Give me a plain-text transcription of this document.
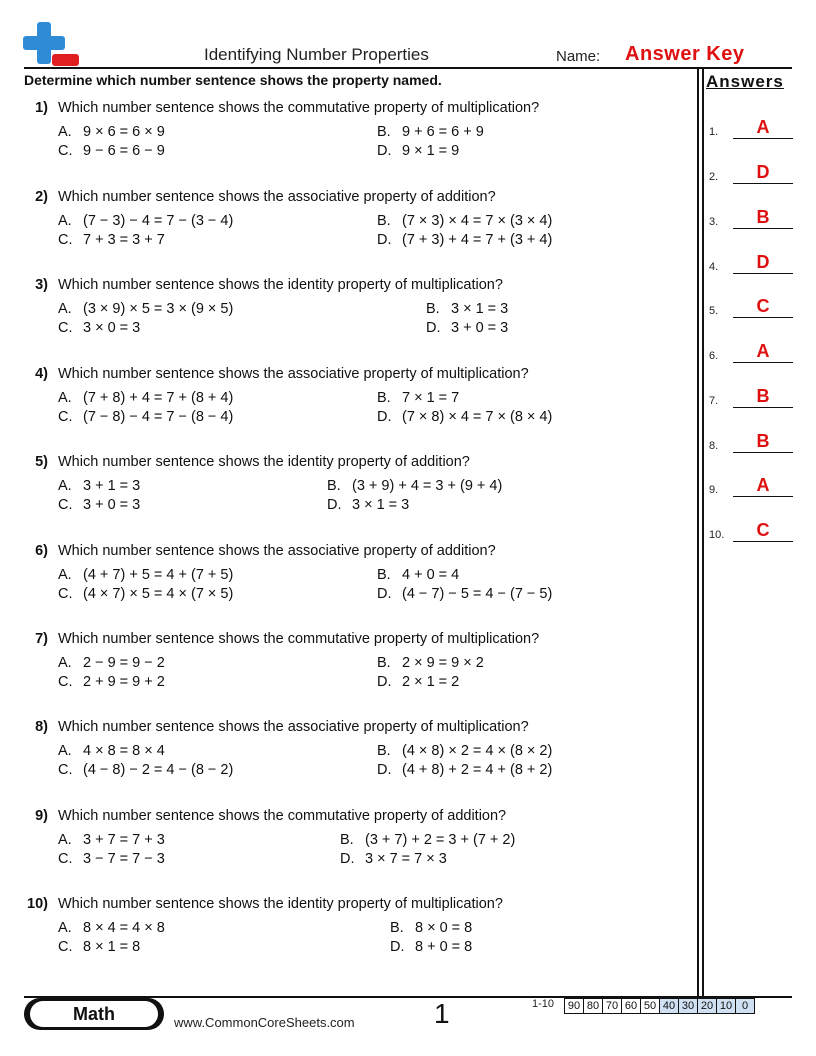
Identifying Number Properties	Name: Answer Key
Determine which number sentence shows the property named.
1) Which number sentence shows the commutative property of multiplication?
A. 9 × 6 = 6 × 9	B. 9 + 6 = 6 + 9
C. 9 − 6 = 6 − 9	D. 9 × 1 = 9
2) Which number sentence shows the associative property of addition?
A. (7 − 3) − 4 = 7 − (3 − 4)	B. (7 × 3) × 4 = 7 × (3 × 4)
C. 7 + 3 = 3 + 7	D. (7 + 3) + 4 = 7 + (3 + 4)
3) Which number sentence shows the identity property of multiplication?
A. (3 × 9) × 5 = 3 × (9 × 5)	B. 3 × 1 = 3
C. 3 × 0 = 3	D. 3 + 0 = 3
4) Which number sentence shows the associative property of multiplication?
A. (7 + 8) + 4 = 7 + (8 + 4)	B. 7 × 1 = 7
C. (7 − 8) − 4 = 7 − (8 − 4)	D. (7 × 8) × 4 = 7 × (8 × 4)
5) Which number sentence shows the identity property of addition?
A. 3 + 1 = 3	B. (3 + 9) + 4 = 3 + (9 + 4)
C. 3 + 0 = 3	D. 3 × 1 = 3
6) Which number sentence shows the associative property of addition?
A. (4 + 7) + 5 = 4 + (7 + 5)	B. 4 + 0 = 4
C. (4 × 7) × 5 = 4 × (7 × 5)	D. (4 − 7) − 5 = 4 − (7 − 5)
7) Which number sentence shows the commutative property of multiplication?
A. 2 − 9 = 9 − 2	B. 2 × 9 = 9 × 2
C. 2 + 9 = 9 + 2	D. 2 × 1 = 2
8) Which number sentence shows the associative property of multiplication?
A. 4 × 8 = 8 × 4	B. (4 × 8) × 2 = 4 × (8 × 2)
C. (4 − 8) − 2 = 4 − (8 − 2)	D. (4 + 8) + 2 = 4 + (8 + 2)
9) Which number sentence shows the commutative property of addition?
A. 3 + 7 = 7 + 3	B. (3 + 7) + 2 = 3 + (7 + 2)
C. 3 − 7 = 7 − 3	D. 3 × 7 = 7 × 3
10) Which number sentence shows the identity property of multiplication?
A. 8 × 4 = 4 × 8	B. 8 × 0 = 8
C. 8 × 1 = 8	D. 8 + 0 = 8
Answers
1.	A
2.	D
3.	B
4.	D
5.	C
6.	A
7.	B
8.	B
9.	A
10.	C
Math	www.CommonCoreSheets.com	1	1-10 90	80	70	60	50	40	30	20	10	0
